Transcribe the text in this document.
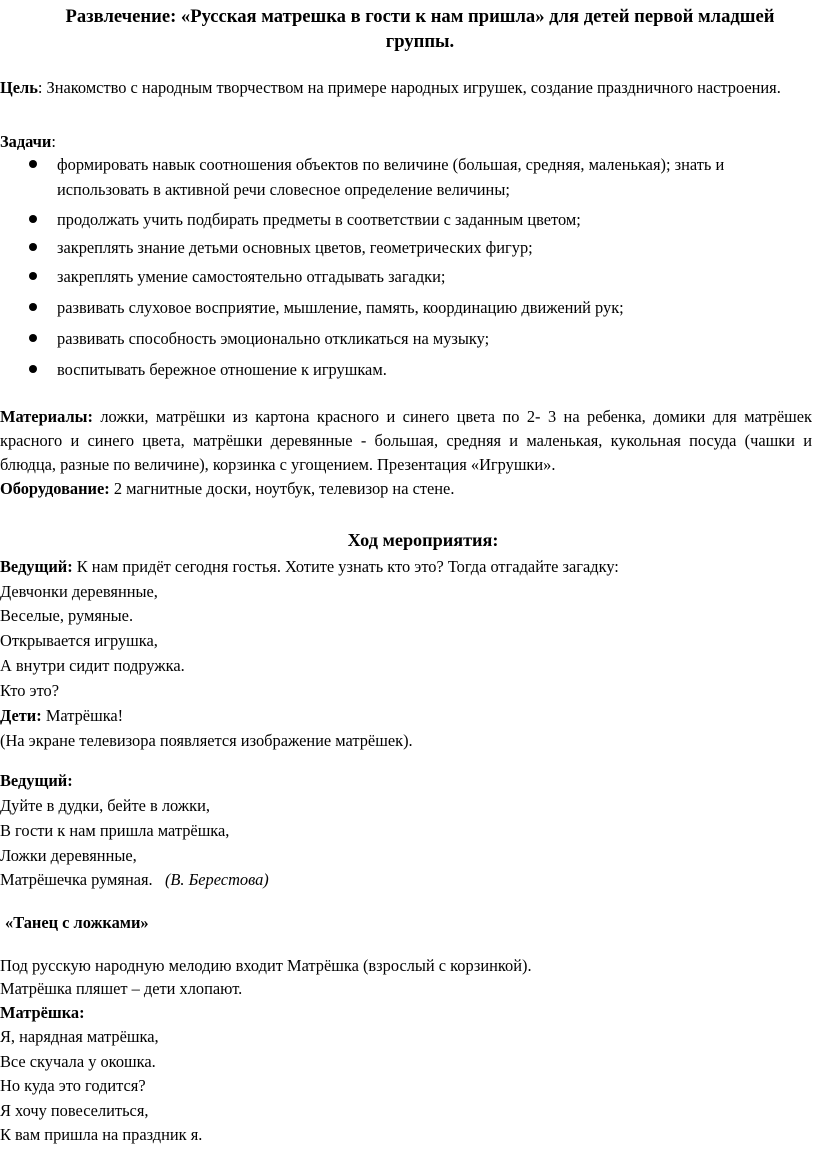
Развлечение: «Русская матрешка в гости к нам пришла» для детей первой младшей группы.

Цель: Знакомство с народным творчеством на примере народных игрушек, создание праздничного настроения.

Задачи:

формировать навык соотношения объектов по величине (большая, средняя, маленькая); знать и использовать в активной речи словесное определение величины;

продолжать учить подбирать предметы в соответствии с заданным цветом;

закреплять знание детьми основных цветов, геометрических фигур;

закреплять умение самостоятельно отгадывать загадки;

развивать слуховое восприятие, мышление, память, координацию движений рук;

развивать способность эмоционально откликаться на музыку;

воспитывать бережное отношение к игрушкам.

Материалы: ложки, матрёшки из картона красного и синего цвета по 2- 3 на ребенка, домики для матрёшек красного и синего цвета, матрёшки деревянные - большая, средняя и маленькая, кукольная посуда (чашки и блюдца, разные по величине), корзинка с угощением. Презентация «Игрушки».

Оборудование: 2 магнитные доски, ноутбук, телевизор на стене.

Ход мероприятия:

Ведущий: К нам придёт сегодня гостья. Хотите узнать кто это? Тогда отгадайте загадку:

Девчонки деревянные,

Веселые, румяные.

Открывается игрушка,

А внутри сидит подружка.

Кто это?

Дети: Матрёшка!

(На экране телевизора появляется изображение матрёшек).

Ведущий:

Дуйте в дудки, бейте в ложки,

В гости к нам пришла матрёшка,

Ложки деревянные,

Матрёшечка румяная. (В. Берестова)

«Танец с ложками»

Под русскую народную мелодию входит Матрёшка (взрослый с корзинкой).

Матрёшка пляшет – дети хлопают.

Матрёшка:

Я, нарядная матрёшка,

Все скучала у окошка.

Но куда это годится?

Я хочу повеселиться,

К вам пришла на праздник я.
